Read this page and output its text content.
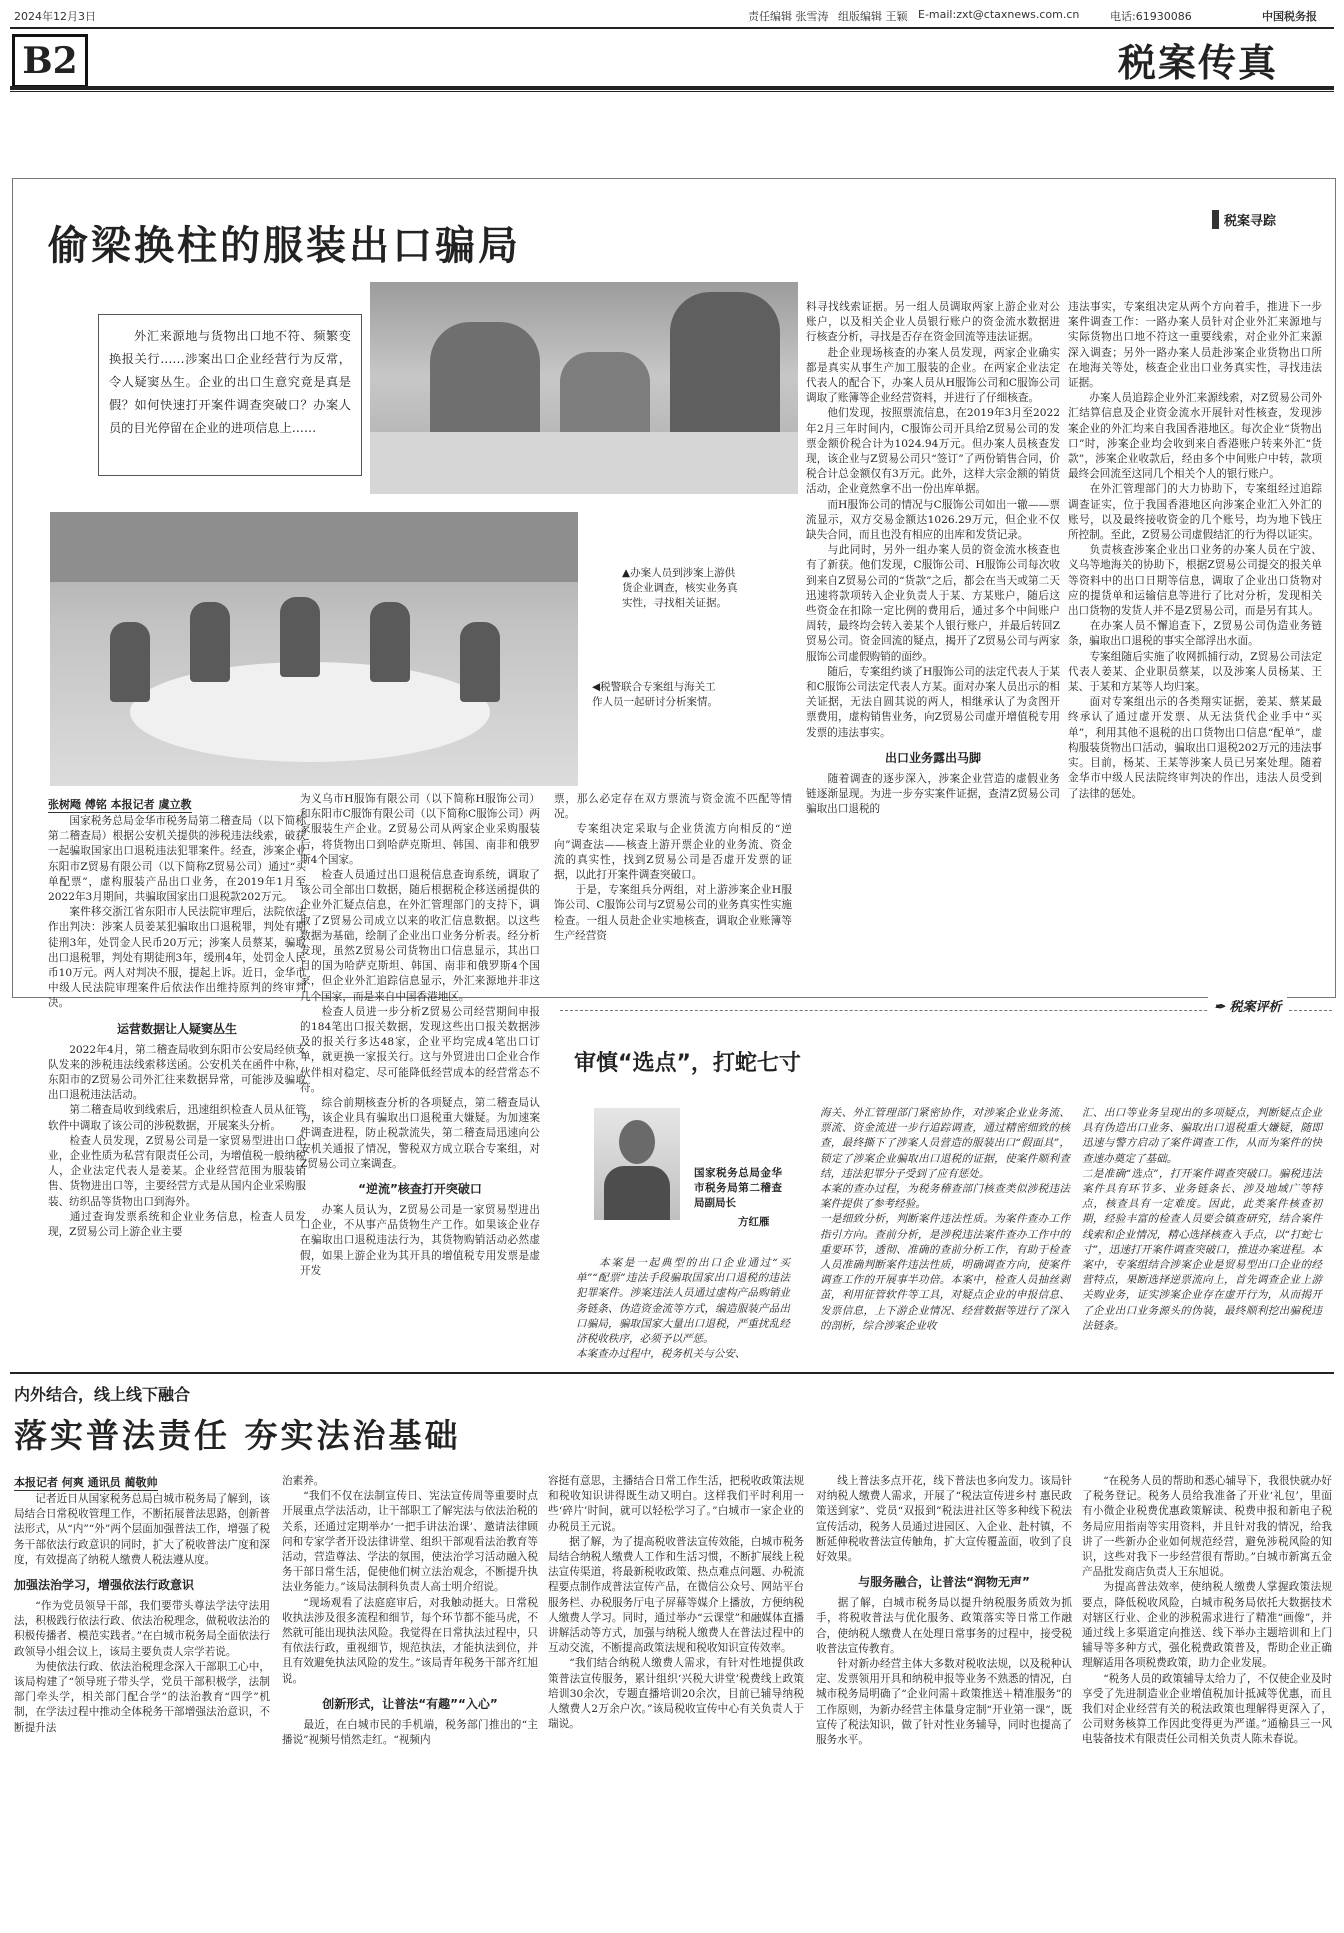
2024年12月3日	责任编辑 张雪涛 组版编辑 王颖 E-mail:zxt@ctaxnews.com.cn	电话:61930086	中国税务报
B2	税案传真
偷梁换柱的服装出口骗局
税案寻踪
外汇来源地与货物出口地不符、频繁变换报关行……涉案出口企业经营行为反常，令人疑窦丛生。企业的出口生意究竟是真是假？如何快速打开案件调查突破口？办案人员的目光停留在企业的进项信息上……
▲办案人员到涉案上游供货企业调查，核实业务真实性，寻找相关证据。
◀税警联合专案组与海关工作人员一起研讨分析案情。
张树飏 傅铭 本报记者 虞立教

国家税务总局金华市税务局第二稽查局（以下简称第二稽查局）根据公安机关提供的涉税违法线索，破获一起骗取国家出口退税违法犯罪案件。经查，涉案企业东阳市Z贸易有限公司（以下简称Z贸易公司）通过“买单配票”，虚构服装产品出口业务，在2019年1月至2022年3月期间，共骗取国家出口退税款202万元。

案件移交浙江省东阳市人民法院审理后，法院依法作出判决：涉案人员姜某犯骗取出口退税罪，判处有期徒刑3年，处罚金人民币20万元；涉案人员蔡某，骗取出口退税罪，判处有期徒刑3年，缓刑4年，处罚金人民币10万元。两人对判决不服，提起上诉。近日，金华市中级人民法院审理案件后依法作出维持原判的终审判决。

运营数据让人疑窦丛生

2022年4月，第二稽查局收到东阳市公安局经侦支队发来的涉税违法线索移送函。公安机关在函件中称，东阳市的Z贸易公司外汇往来数据异常，可能涉及骗取出口退税违法活动。

第二稽查局收到线索后，迅速组织检查人员从征管软件中调取了该公司的涉税数据，开展案头分析。

检查人员发现，Z贸易公司是一家贸易型进出口企业，企业性质为私营有限责任公司，为增值税一般纳税人，企业法定代表人是姜某。企业经营范围为服装销售、货物进出口等，主要经营方式是从国内企业采购服装、纺织品等货物出口到海外。

通过查询发票系统和企业业务信息，检查人员发现，Z贸易公司上游企业主要

为义乌市H服饰有限公司（以下简称H服饰公司）和东阳市C服饰有限公司（以下简称C服饰公司）两家服装生产企业。Z贸易公司从两家企业采购服装后，将货物出口到哈萨克斯坦、韩国、南非和俄罗斯4个国家。

检查人员通过出口退税信息查询系统，调取了该公司全部出口数据，随后根据税企移送函提供的企业外汇疑点信息，在外汇管理部门的支持下，调取了Z贸易公司成立以来的收汇信息数据。以这些数据为基础，绘制了企业出口业务分析表。经分析发现，虽然Z贸易公司货物出口信息显示，其出口目的国为哈萨克斯坦、韩国、南非和俄罗斯4个国家，但企业外汇追踪信息显示，外汇来源地并非这几个国家，而是来自中国香港地区。

检查人员进一步分析Z贸易公司经营期间申报的184笔出口报关数据，发现这些出口报关数据涉及的报关行多达48家，企业平均完成4笔出口订单，就更换一家报关行。这与外贸进出口企业合作伙伴相对稳定、尽可能降低经营成本的经营常态不符。

综合前期核查分析的各项疑点，第二稽查局认为，该企业具有骗取出口退税重大嫌疑。为加速案件调查进程，防止税款流失，第二稽查局迅速向公安机关通报了情况，警税双方成立联合专案组，对Z贸易公司立案调查。

“逆流”核查打开突破口

办案人员认为，Z贸易公司是一家贸易型进出口企业，不从事产品货物生产工作。如果该企业存在骗取出口退税违法行为，其货物购销活动必然虚假，如果上游企业为其开具的增值税专用发票是虚开发

票，那么必定存在双方票流与资金流不匹配等情况。

专案组决定采取与企业货流方向相反的“逆向”调查法——核查上游开票企业的业务流、资金流的真实性，找到Z贸易公司是否虚开发票的证据，以此打开案件调查突破口。

于是，专案组兵分两组，对上游涉案企业H服饰公司、C服饰公司与Z贸易公司的业务真实性实施检查。一组人员赴企业实地核查，调取企业账簿等生产经营资

料寻找线索证据。另一组人员调取两家上游企业对公账户，以及相关企业人员银行账户的资金流水数据进行核查分析，寻找是否存在资金回流等违法证据。

赴企业现场核查的办案人员发现，两家企业确实都是真实从事生产加工服装的企业。在两家企业法定代表人的配合下，办案人员从H服饰公司和C服饰公司调取了账簿等企业经营资料，并进行了仔细核查。

他们发现，按照票流信息，在2019年3月至2022年2月三年时间内，C服饰公司开具给Z贸易公司的发票金额价税合计为1024.94万元。但办案人员核查发现，该企业与Z贸易公司只“签订”了两份销售合同，价税合计总金额仅有3万元。此外，这样大宗金额的销货活动，企业竟然拿不出一份出库单据。

而H服饰公司的情况与C服饰公司如出一辙——票流显示，双方交易金额达1026.29万元，但企业不仅缺失合同，而且也没有相应的出库和发货记录。

与此同时，另外一组办案人员的资金流水核查也有了新获。他们发现，C服饰公司、H服饰公司每次收到来自Z贸易公司的“货款”之后，都会在当天或第二天迅速将款项转入企业负责人于某、方某账户，随后这些资金在扣除一定比例的费用后，通过多个中间账户周转，最终均会转入姜某个人银行账户，并最后转回Z贸易公司。资金回流的疑点，揭开了Z贸易公司与两家服饰公司虚假购销的面纱。

随后，专案组约谈了H服饰公司的法定代表人于某和C服饰公司法定代表人方某。面对办案人员出示的相关证据，无法自圆其说的两人，相继承认了为贪图开票费用，虚构销售业务，向Z贸易公司虚开增值税专用发票的违法事实。

出口业务露出马脚

随着调查的逐步深入，涉案企业营造的虚假业务链逐渐显现。为进一步夯实案件证据，查清Z贸易公司骗取出口退税的

违法事实，专案组决定从两个方向着手，推进下一步案件调查工作：一路办案人员针对企业外汇来源地与实际货物出口地不符这一重要线索，对企业外汇来源深入调查；另外一路办案人员赴涉案企业货物出口所在地海关等处，核查企业出口业务真实性，寻找违法证据。

办案人员追踪企业外汇来源线索，对Z贸易公司外汇结算信息及企业资金流水开展针对性核查，发现涉案企业的外汇均来自我国香港地区。每次企业“货物出口”时，涉案企业均会收到来自香港账户转来外汇“货款”，涉案企业收款后，经由多个中间账户中转，款项最终会回流至这同几个相关个人的银行账户。

在外汇管理部门的大力协助下，专案组经过追踪调查证实，位于我国香港地区向涉案企业汇入外汇的账号，以及最终接收资金的几个账号，均为地下钱庄所控制。至此，Z贸易公司虚假结汇的行为得以证实。

负责核查涉案企业出口业务的办案人员在宁波、义乌等地海关的协助下，根据Z贸易公司提交的报关单等资料中的出口日期等信息，调取了企业出口货物对应的提货单和运输信息等进行了比对分析，发现相关出口货物的发货人并不是Z贸易公司，而是另有其人。

在办案人员不懈追查下，Z贸易公司伪造业务链条，骗取出口退税的事实全部浮出水面。

专案组随后实施了收网抓捕行动，Z贸易公司法定代表人姜某、企业职员蔡某，以及涉案人员杨某、王某、于某和方某等人均归案。

面对专案组出示的各类翔实证据，姜某、蔡某最终承认了通过虚开发票、从无法货代企业手中“买单”，利用其他不退税的出口货物出口信息“配单”，虚构服装货物出口活动，骗取出口退税202万元的违法事实。目前，杨某、王某等涉案人员已另案处理。随着金华市中级人民法院终审判决的作出，违法人员受到了法律的惩处。

✒ 税案评析
审慎“选点”，打蛇七寸
国家税务总局金华市税务局第二稽查局副局长
方红雁

本案是一起典型的出口企业通过“买单”“配票”违法手段骗取国家出口退税的违法犯罪案件。涉案违法人员通过虚构产品购销业务链条、伪造资金流等方式，编造服装产品出口骗局，骗取国家大量出口退税，严重扰乱经济税收秩序，必须予以严惩。
本案查办过程中，税务机关与公安、

海关、外汇管理部门紧密协作，对涉案企业业务流、票流、资金流进一步行追踪调查，通过精密细致的核查，最终撕下了涉案人员营造的服装出口“假面具”，锁定了涉案企业骗取出口退税的证据，使案件顺利查结，违法犯罪分子受到了应有惩处。
本案的查办过程，为税务稽查部门核查类似涉税违法案件提供了参考经验。
一是细致分析，判断案件违法性质。为案件查办工作指引方向。查前分析，是涉税违法案件查办工作中的重要环节，透彻、准确的查前分析工作，有助于检查人员准确判断案件违法性质，明确调查方向，使案件调查工作的开展事半功倍。本案中，检查人员抽丝剥茧，利用征管软件等工具，对疑点企业的申报信息、发票信息，上下游企业情况、经营数据等进行了深入的剖析，综合涉案企业收

汇、出口等业务呈现出的多项疑点，判断疑点企业具有伪造出口业务、骗取出口退税重大嫌疑，随即迅速与警方启动了案件调查工作，从而为案件的快查速办奠定了基础。
二是准确“选点”，打开案件调查突破口。骗税违法案件具有环节多、业务链条长、涉及地域广等特点，核查具有一定难度。因此，此类案件核查初期，经验丰富的检查人员要会镇查研究，结合案件线索和企业情况，精心选择核查入手点，以“打蛇七寸”，迅速打开案件调查突破口，推进办案进程。本案中，专案组结合涉案企业是贸易型出口企业的经营特点，果断选择逆票流向上，首先调查企业上游关购业务，证实涉案企业存在虚开行为，从而揭开了企业出口业务源头的伪装，最终顺利挖出骗税违法链条。

内外结合，线上线下融合
落实普法责任 夯实法治基础
本报记者 何爽 通讯员 蔺敬帅

记者近日从国家税务总局白城市税务局了解到，该局结合日常税收管理工作，不断拓展普法思路，创新普法形式，从“内”“外”两个层面加强普法工作，增强了税务干部依法行政意识的同时，扩大了税收普法广度和深度，有效提高了纳税人缴费人税法遵从度。

加强法治学习，增强依法行政意识

“作为党员领导干部，我们要带头尊法学法守法用法，积极践行依法行政、依法治税理念，做税收法治的积极传播者、模范实践者。”在白城市税务局全面依法行政领导小组会议上，该局主要负责人宗学若说。

为使依法行政、依法治税理念深入干部职工心中，该局构建了“领导班子带头学，党员干部积极学，法制部门牵头学，相关部门配合学”的法治教育“四学”机制，在学法过程中推动全体税务干部增强法治意识，不断提升法

治素养。

“我们不仅在法制宣传日、宪法宣传周等重要时点开展重点学法活动，让干部职工了解宪法与依法治税的关系，还通过定期举办‘一把手讲法治课’、邀请法律顾问和专家学者开设法律讲堂、组织干部观看法治教育等活动，营造尊法、学法的氛围，使法治学习活动融入税务干部日常生活，促使他们树立法治观念，不断提升执法业务能力。”该局法制科负责人高士明介绍说。

“现场观看了法庭庭审后，对我触动挺大。日常税收执法涉及很多流程和细节，每个环节都不能马虎，不然就可能出现执法风险。我觉得在日常执法过程中，只有依法行政，重视细节，规范执法，才能执法到位，并且有效避免执法风险的发生。”该局青年税务干部齐红旭说。

创新形式，让普法“有趣”“入心”

最近，在白城市民的手机端，税务部门推出的“主播说”视频号悄然走红。“视频内

容挺有意思，主播结合日常工作生活，把税收政策法规和税收知识讲得既生动又明白。这样我们平时利用一些‘碎片’时间，就可以轻松学习了。”白城市一家企业的办税员王元说。

据了解，为了提高税收普法宣传效能，白城市税务局结合纳税人缴费人工作和生活习惯，不断扩展线上税法宣传渠道，将最新税收政策、热点难点问题、办税流程要点制作成普法宣传产品，在微信公众号、网站平台服务栏、办税服务厅电子屏幕等媒介上播放，方便纳税人缴费人学习。同时，通过举办“云课堂”和融媒体直播讲解活动等方式，加强与纳税人缴费人在普法过程中的互动交流，不断提高政策法规和税收知识宣传效率。

“我们结合纳税人缴费人需求，有针对性地提供政策普法宣传服务，累计组织‘兴税大讲堂’税费线上政策培训30余次，专题直播培训20余次，目前已辅导纳税人缴费人2万余户次。”该局税收宣传中心有关负责人于瑞说。

线上普法多点开花，线下普法也多向发力。该局针对纳税人缴费人需求，开展了“税法宣传进乡村 惠民政策送到家”、党员“双报到”税法进社区等多种线下税法宣传活动，税务人员通过进园区、入企业、赴村镇，不断延伸税收普法宣传触角，扩大宣传覆盖面，收到了良好效果。

与服务融合，让普法“润物无声”

据了解，白城市税务局以提升纳税服务质效为抓手，将税收普法与优化服务、政策落实等日常工作融合，使纳税人缴费人在处理日常事务的过程中，接受税收普法宣传教育。

针对新办经营主体大多数对税收法规，以及税种认定、发票领用开具和纳税申报等业务不熟悉的情况，白城市税务局明确了“企业问需＋政策推送＋精准服务”的工作原则，为新办经营主体量身定制“开业第一课”，既宣传了税法知识，做了针对性业务辅导，同时也提高了服务水平。

“在税务人员的帮助和悉心辅导下，我很快就办好了税务登记。税务人员给我准备了开业‘礼包’，里面有小微企业税费优惠政策解读、税费申报和新电子税务局应用指南等实用资料，并且针对我的情况，给我讲了一些新办企业如何规范经营，避免涉税风险的知识，这些对我下一步经营很有帮助。”白城市新寓五金产品批发商店负责人王东旭说。

为提高普法效率，使纳税人缴费人掌握政策法规要点，降低税收风险，白城市税务局依托大数据技术对辖区行业、企业的涉税需求进行了精准“画像”，并通过线上多渠道定向推送、线下举办主题培训和上门辅导等多种方式，强化税费政策普及，帮助企业正确理解适用各项税费政策，助力企业发展。

“税务人员的政策辅导太给力了，不仅使企业及时享受了先进制造业企业增值税加计抵减等优惠，而且我们对企业经营有关的税法政策也理解得更深入了，公司财务核算工作因此变得更为严谨。”通榆县三一风电装备技术有限责任公司相关负责人陈未春说。
